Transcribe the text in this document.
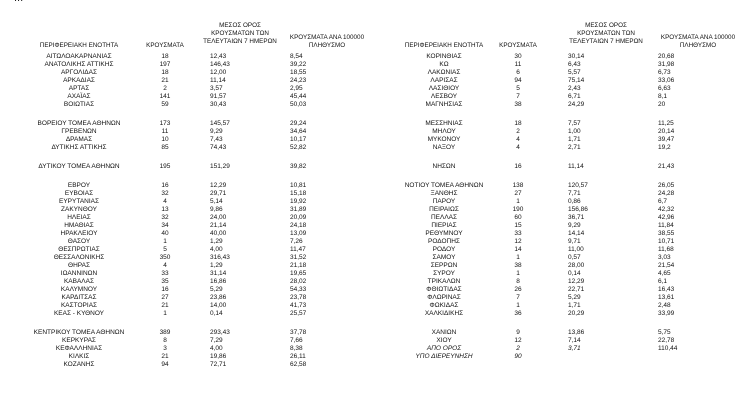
ΠΕΡΙΦΕΡΕΙΑΚΗ ΕΝΟΤΗΤΑ	ΚΡΟΥΣΜΑΤΑ
ΜΕΣΟΣ ΟΡΟΣ
ΚΡΟΥΣΜΑΤΩΝ ΤΩΝ
ΤΕΛΕΥΤΑΙΩΝ 7 ΗΜΕΡΩΝ
ΚΡΟΥΣΜΑΤΑ ΑΝΑ 100000
ΠΛΗΘΥΣΜΟ	ΠΕΡΙΦΕΡΕΙΑΚΗ ΕΝΟΤΗΤΑ	ΚΡΟΥΣΜΑΤΑ
ΜΕΣΟΣ ΟΡΟΣ
ΚΡΟΥΣΜΑΤΩΝ ΤΩΝ
ΤΕΛΕΥΤΑΙΩΝ 7 ΗΜΕΡΩΝ
ΚΡΟΥΣΜΑΤΑ ΑΝΑ 100000
ΠΛΗΘΥΣΜΟ
ΑΙΤΩΛΟΑΚΑΡΝΑΝΙΑΣ	18	12,43	8,54	ΚΟΡΙΝΘΙΑΣ	30	30,14	20,68
ΑΝΑΤΟΛΙΚΗΣ ΑΤΤΙΚΗΣ	197	146,43	39,22	ΚΩ	11	6,43	31,98
ΑΡΓΟΛΙΔΑΣ	18	12,00	18,55	ΛΑΚΩΝΙΑΣ	6	5,57	6,73
ΑΡΚΑΔΙΑΣ	21	11,14	24,23	ΛΑΡΙΣΑΣ	94	75,14	33,06
ΑΡΤΑΣ	2	3,57	2,95	ΛΑΣΙΘΙΟΥ	5	2,43	6,63
ΑΧΑΪΑΣ	141	91,57	45,44	ΛΕΣΒΟΥ	7	6,71	8,1
ΒΟΙΩΤΙΑΣ	59	30,43	50,03	ΜΑΓΝΗΣΙΑΣ	38	24,29	20
ΒΟΡΕΙΟΥ ΤΟΜΕΑ ΑΘΗΝΩΝ	173	145,57	29,24	ΜΕΣΣΗΝΙΑΣ	18	7,57	11,25
ΓΡΕΒΕΝΩΝ	11	9,29	34,64	ΜΗΛΟΥ	2	1,00	20,14
ΔΡΑΜΑΣ	10	7,43	10,17	ΜΥΚΟΝΟΥ	4	1,71	39,47
ΔΥΤΙΚΗΣ ΑΤΤΙΚΗΣ	85	74,43	52,82	ΝΑΞΟΥ	4	2,71	19,2
ΔΥΤΙΚΟΥ ΤΟΜΕΑ ΑΘΗΝΩΝ	195	151,29	39,82	ΝΗΣΩΝ	16	11,14	21,43
ΕΒΡΟΥ	16	12,29	10,81	ΝΟΤΙΟΥ ΤΟΜΕΑ ΑΘΗΝΩΝ	138	120,57	26,05
ΕΥΒΟΙΑΣ	32	29,71	15,18	ΞΑΝΘΗΣ	27	7,71	24,28
ΕΥΡΥΤΑΝΙΑΣ	4	5,14	19,92	ΠΑΡΟΥ	1	0,86	6,7
ΖΑΚΥΝΘΟΥ	13	9,86	31,89	ΠΕΙΡΑΙΩΣ	190	156,86	42,32
ΗΛΕΙΑΣ	32	24,00	20,09	ΠΕΛΛΑΣ	60	36,71	42,96
ΗΜΑΘΙΑΣ	34	21,14	24,18	ΠΙΕΡΙΑΣ	15	9,29	11,84
ΗΡΑΚΛΕΙΟΥ	40	40,00	13,09	ΡΕΘΥΜΝΟΥ	33	14,14	38,55
ΘΑΣΟΥ	1	1,29	7,26	ΡΟΔΟΠΗΣ	12	9,71	10,71
ΘΕΣΠΡΩΤΙΑΣ	5	4,00	11,47	ΡΟΔΟΥ	14	11,00	11,68
ΘΕΣΣΑΛΟΝΙΚΗΣ	350	316,43	31,52	ΣΑΜΟΥ	1	0,57	3,03
ΘΗΡΑΣ	4	1,29	21,18	ΣΕΡΡΩΝ	38	28,00	21,54
ΙΩΑΝΝΙΝΩΝ	33	31,14	19,65	ΣΥΡΟΥ	1	0,14	4,65
ΚΑΒΑΛΑΣ	35	16,86	28,02	ΤΡΙΚΑΛΩΝ	8	12,29	6,1
ΚΑΛΥΜΝΟΥ	16	5,29	54,33	ΦΘΙΩΤΙΔΑΣ	26	22,71	16,43
ΚΑΡΔΙΤΣΑΣ	27	23,86	23,78	ΦΛΩΡΙΝΑΣ	7	5,29	13,61
ΚΑΣΤΟΡΙΑΣ	21	14,00	41,73	ΦΩΚΙΔΑΣ	1	1,71	2,48
ΚΕΑΣ - ΚΥΘΝΟΥ	1	0,14	25,57	ΧΑΛΚΙΔΙΚΗΣ	36	20,29	33,99
ΚΕΝΤΡΙΚΟΥ ΤΟΜΕΑ ΑΘΗΝΩΝ	389	293,43	37,78	ΧΑΝΙΩΝ	9	13,86	5,75
ΚΕΡΚΥΡΑΣ	8	7,29	7,66	ΧΙΟΥ	12	7,14	22,78
ΚΕΦΑΛΛΗΝΙΑΣ	3	4,00	8,38	ΑΠΟ ΟΡΟΣ	2	3,71	110,44
ΚΙΛΚΙΣ	21	19,86	26,11	ΥΠΟ ΔΙΕΡΕΥΝΗΣΗ	90
ΚΟΖΑΝΗΣ	94	72,71	62,58
